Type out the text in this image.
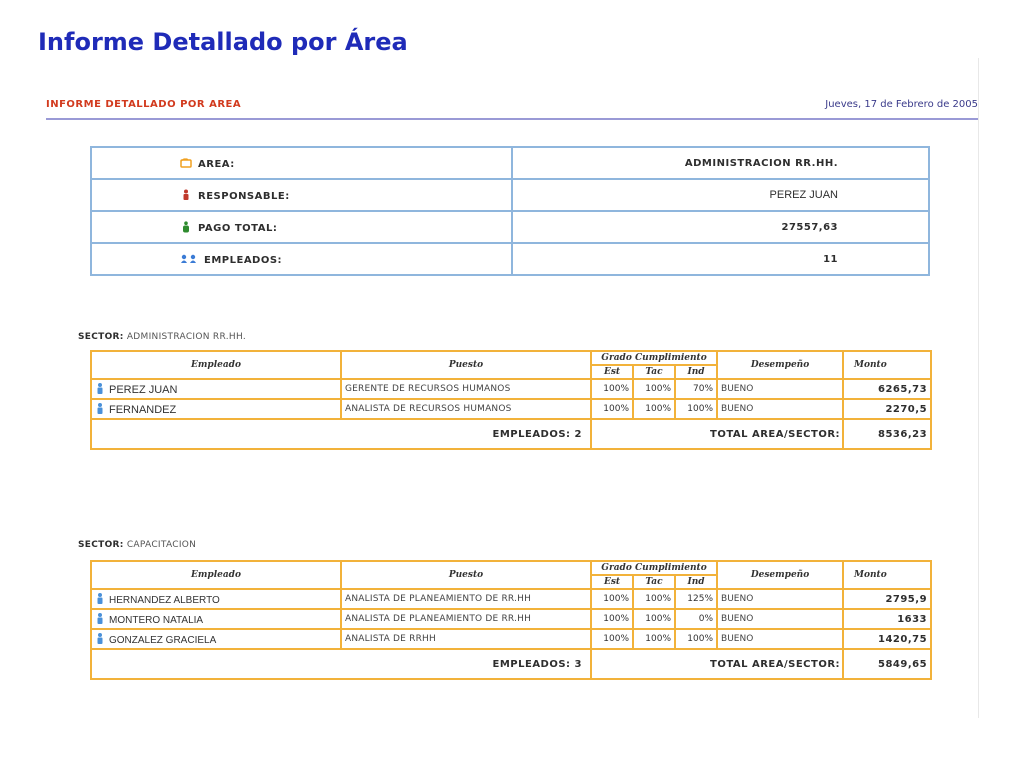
Informe Detallado por Área
INFORME DETALLADO POR AREA	Jueves, 17 de Febrero de 2005
AREA:	ADMINISTRACION RR.HH.
RESPONSABLE:	PEREZ JUAN
PAGO TOTAL:	27557,63
EMPLEADOS:	11
SECTOR: ADMINISTRACION RR.HH.
Empleado	Puesto	Grado Cumplimiento			Desempeño	Monto
		Est	Tac	Ind		
PEREZ JUAN	GERENTE DE RECURSOS HUMANOS	100%	100%	70%	BUENO	6265,73
FERNANDEZ	ANALISTA DE RECURSOS HUMANOS	100%	100%	100%	BUENO	2270,5
EMPLEADOS: 2		TOTAL AREA/SECTOR:				8536,23
SECTOR: CAPACITACION
Empleado	Puesto	Grado Cumplimiento			Desempeño	Monto
		Est	Tac	Ind		
HERNANDEZ ALBERTO	ANALISTA DE PLANEAMIENTO DE RR.HH	100%	100%	125%	BUENO	2795,9
MONTERO NATALIA	ANALISTA DE PLANEAMIENTO DE RR.HH	100%	100%	0%	BUENO	1633
GONZALEZ GRACIELA	ANALISTA DE RRHH	100%	100%	100%	BUENO	1420,75
EMPLEADOS: 3		TOTAL AREA/SECTOR:				5849,65
